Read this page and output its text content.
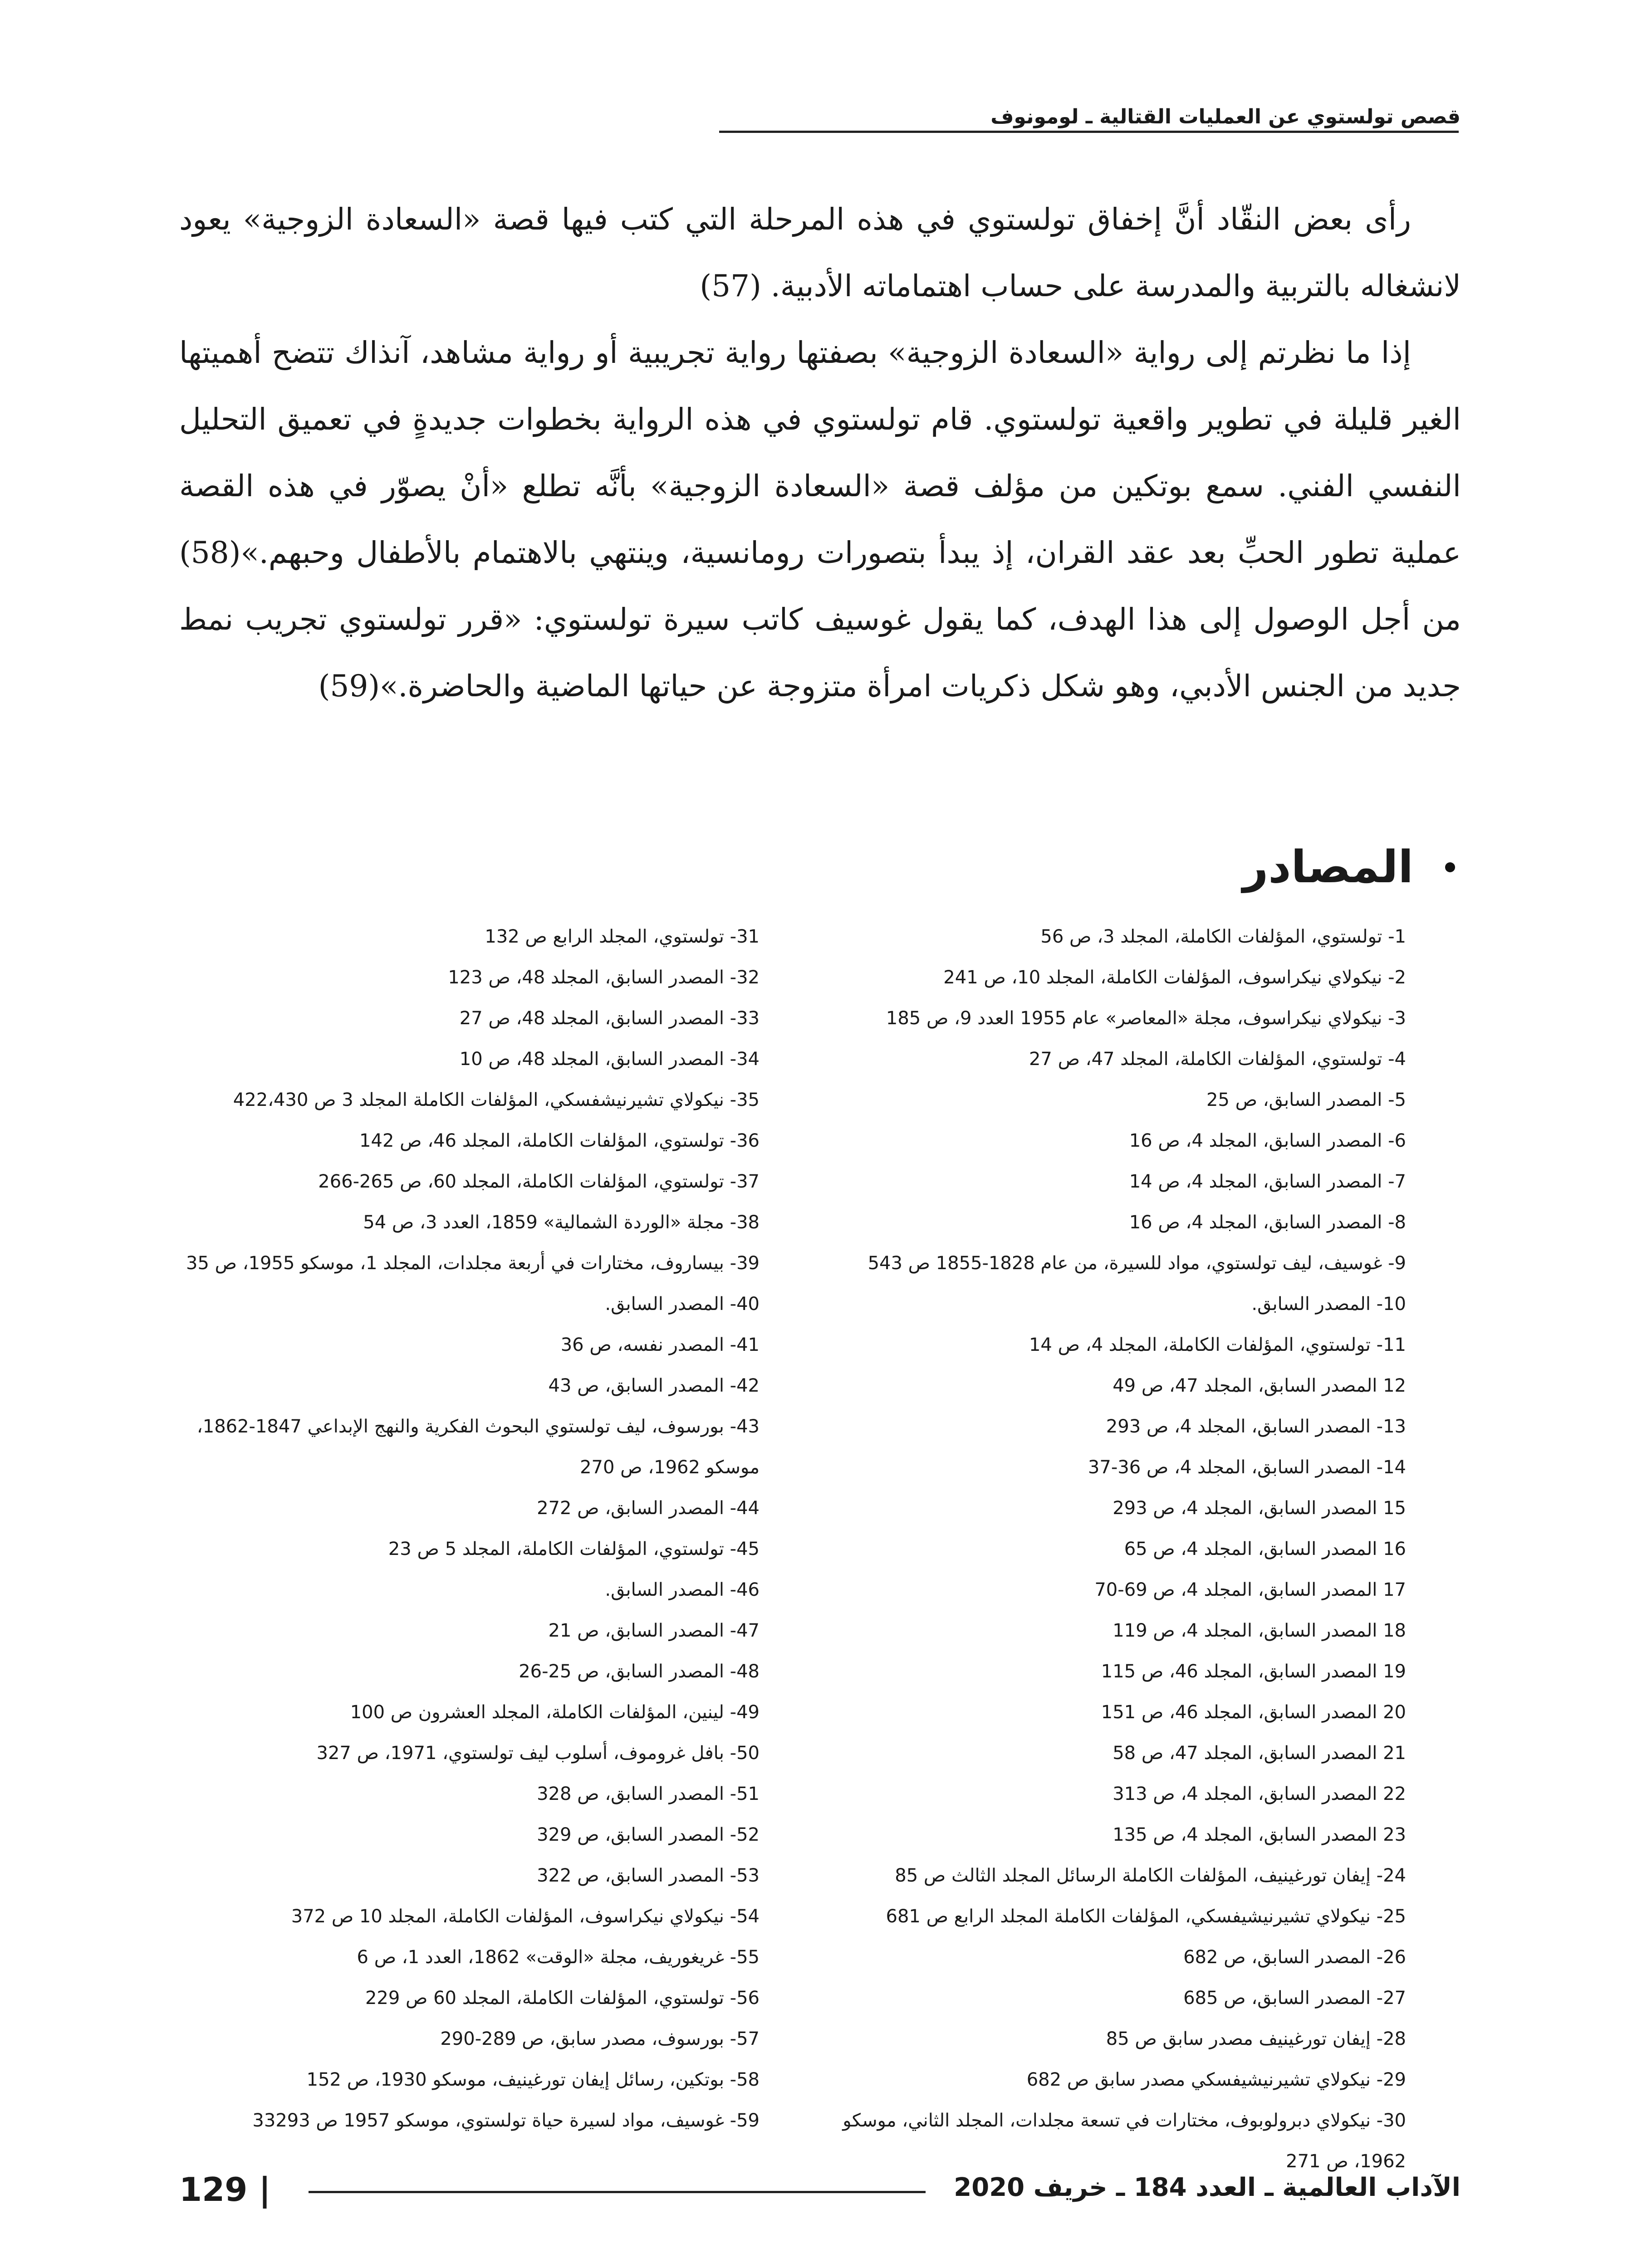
قصص تولستوي عن العمليات القتالية ـ لومونوف

رأى بعض النقّاد أنَّ إخفاق تولستوي في هذه المرحلة التي كتب فيها قصة «السعادة الزوجية» يعود لانشغاله بالتربية والمدرسة على حساب اهتماماته الأدبية. (57)

إذا ما نظرتم إلى رواية «السعادة الزوجية» بصفتها رواية تجريبية أو رواية مشاهد، آنذاك تتضح أهميتها الغير قليلة في تطوير واقعية تولستوي. قام تولستوي في هذه الرواية بخطوات جديدةٍ في تعميق التحليل النفسي الفني. سمع بوتكين من مؤلف قصة «السعادة الزوجية» بأنَّه تطلع «أنْ يصوّر في هذه القصة عملية تطور الحبِّ بعد عقد القران، إذ يبدأ بتصورات رومانسية، وينتهي بالاهتمام بالأطفال وحبهم.»(58) من أجل الوصول إلى هذا الهدف، كما يقول غوسيف كاتب سيرة تولستوي: «قرر تولستوي تجريب نمط جديد من الجنس الأدبي، وهو شكل ذكريات امرأة متزوجة عن حياتها الماضية والحاضرة.»(59)

المصادر
1- تولستوي، المؤلفات الكاملة، المجلد 3، ص 56
2- نيكولاي نيكراسوف، المؤلفات الكاملة، المجلد 10، ص 241
3- نيكولاي نيكراسوف، مجلة «المعاصر» عام 1955 العدد 9، ص 185
4- تولستوي، المؤلفات الكاملة، المجلد 47، ص 27
5- المصدر السابق، ص 25
6- المصدر السابق، المجلد 4، ص 16
7- المصدر السابق، المجلد 4، ص 14
8- المصدر السابق، المجلد 4، ص 16
9- غوسيف، ليف تولستوي، مواد للسيرة، من عام 1828-1855 ص 543
10- المصدر السابق.
11- تولستوي، المؤلفات الكاملة، المجلد 4، ص 14
12 المصدر السابق، المجلد 47، ص 49
13- المصدر السابق، المجلد 4، ص 293
14- المصدر السابق، المجلد 4، ص 36-37
15 المصدر السابق، المجلد 4، ص 293
16 المصدر السابق، المجلد 4، ص 65
17 المصدر السابق، المجلد 4، ص 69-70
18 المصدر السابق، المجلد 4، ص 119
19 المصدر السابق، المجلد 46، ص 115
20 المصدر السابق، المجلد 46، ص 151
21 المصدر السابق، المجلد 47، ص 58
22 المصدر السابق، المجلد 4، ص 313
23 المصدر السابق، المجلد 4، ص 135
24- إيفان تورغينيف، المؤلفات الكاملة الرسائل المجلد الثالث ص 85
25- نيكولاي تشيرنيشيفسكي، المؤلفات الكاملة المجلد الرابع ص 681
26- المصدر السابق، ص 682
27- المصدر السابق، ص 685
28- إيفان تورغينيف مصدر سابق ص 85
29- نيكولاي تشيرنيشيفسكي مصدر سابق ص 682
30- نيكولاي دبرولوبوف، مختارات في تسعة مجلدات، المجلد الثاني، موسكو 1962، ص 271
31- تولستوي، المجلد الرابع ص 132
32- المصدر السابق، المجلد 48، ص 123
33- المصدر السابق، المجلد 48، ص 27
34- المصدر السابق، المجلد 48، ص 10
35- نيكولاي تشيرنيشفسكي، المؤلفات الكاملة المجلد 3 ص 422،430
36- تولستوي، المؤلفات الكاملة، المجلد 46، ص 142
37- تولستوي، المؤلفات الكاملة، المجلد 60، ص 265-266
38- مجلة «الوردة الشمالية» 1859، العدد 3، ص 54
39- بيساروف، مختارات في أربعة مجلدات، المجلد 1، موسكو 1955، ص 35
40- المصدر السابق.
41- المصدر نفسه، ص 36
42- المصدر السابق، ص 43
43- بورسوف، ليف تولستوي البحوث الفكرية والنهج الإبداعي 1847-1862، موسكو 1962، ص 270
44- المصدر السابق، ص 272
45- تولستوي، المؤلفات الكاملة، المجلد 5 ص 23
46- المصدر السابق.
47- المصدر السابق، ص 21
48- المصدر السابق، ص 25-26
49- لينين، المؤلفات الكاملة، المجلد العشرون ص 100
50- بافل غروموف، أسلوب ليف تولستوي، 1971، ص 327
51- المصدر السابق، ص 328
52- المصدر السابق، ص 329
53- المصدر السابق، ص 322
54- نيكولاي نيكراسوف، المؤلفات الكاملة، المجلد 10 ص 372
55- غريغوريف، مجلة «الوقت» 1862، العدد 1، ص 6
56- تولستوي، المؤلفات الكاملة، المجلد 60 ص 229
57- بورسوف، مصدر سابق، ص 289-290
58- بوتكين، رسائل إيفان تورغينيف، موسكو 1930، ص 152
59- غوسيف، مواد لسيرة حياة تولستوي، موسكو 1957 ص 33293
129 |	الآداب العالمية ـ العدد 184 ـ خريف 2020
